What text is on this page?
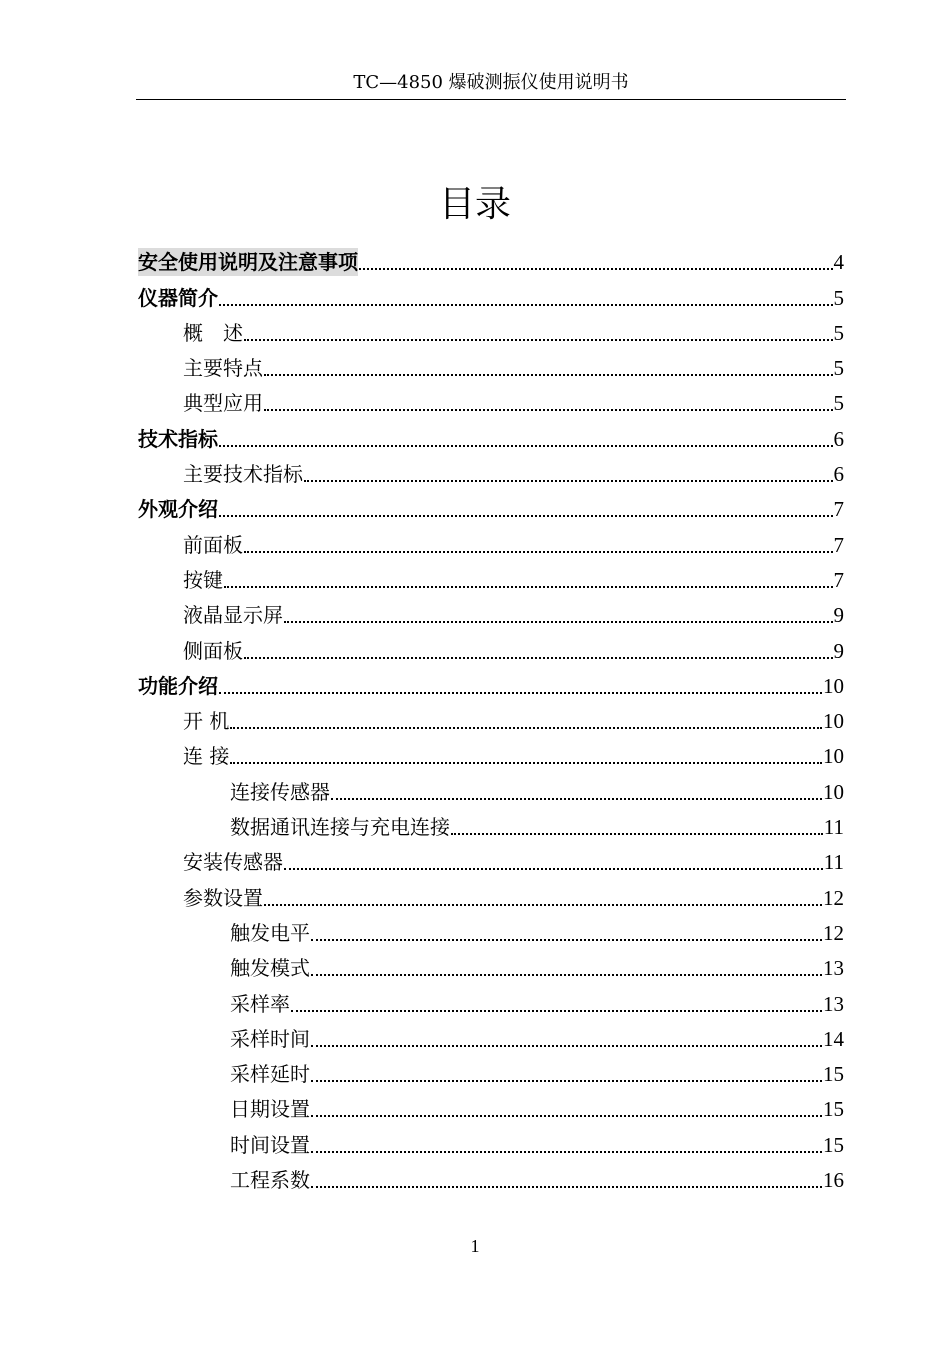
TC—4850 爆破测振仪使用说明书
目录
安全使用说明及注意事项	4
仪器简介	5
概　述	5
主要特点	5
典型应用	5
技术指标	6
主要技术指标	6
外观介绍	7
前面板	7
按键	7
液晶显示屏	9
侧面板	9
功能介绍	10
开 机	10
连 接	10
连接传感器	10
数据通讯连接与充电连接	11
安装传感器	11
参数设置	12
触发电平	12
触发模式	13
采样率	13
采样时间	14
采样延时	15
日期设置	15
时间设置	15
工程系数	16
1
